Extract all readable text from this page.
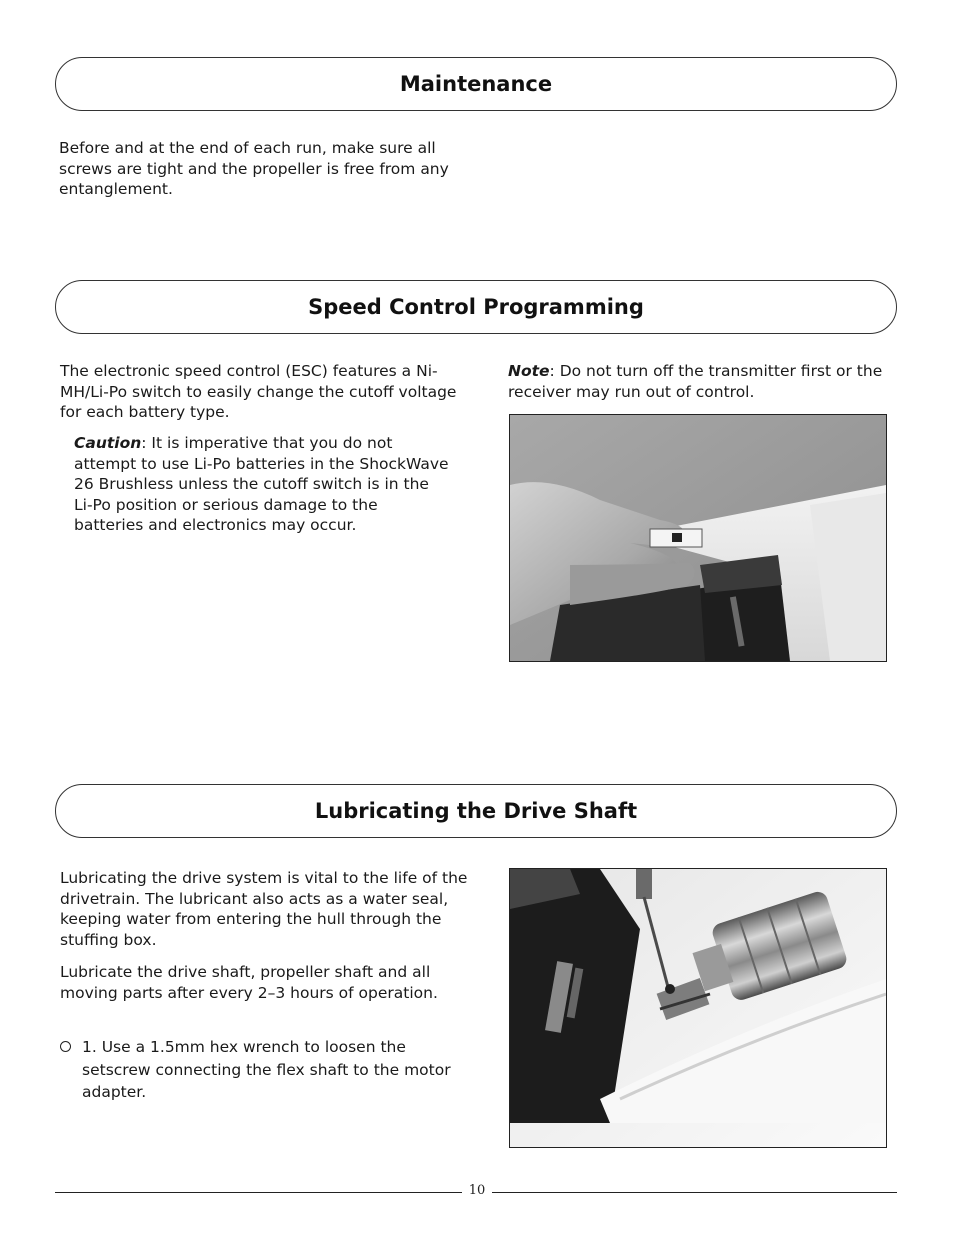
Maintenance

Before and at the end of each run, make sure all screws are tight and the propeller is free from any entanglement.

Speed Control Programming

The electronic speed control (ESC) features a Ni-MH/Li-Po switch to easily change the cutoff voltage for each battery type.

Caution: It is imperative that you do not attempt to use Li-Po batteries in the ShockWave 26 Brushless unless the cutoff switch is in the Li-Po position or serious damage to the batteries and electronics may occur.

Note: Do not turn off the transmitter first or the receiver may run out of control.

Lubricating the Drive Shaft

Lubricating the drive system is vital to the life of the drivetrain. The lubricant also acts as a water seal, keeping water from entering the hull through the stuffing box.

Lubricate the drive shaft, propeller shaft and all moving parts after every 2–3 hours of operation.

1. Use a 1.5mm hex wrench to loosen the setscrew connecting the flex shaft to the motor adapter.
10
